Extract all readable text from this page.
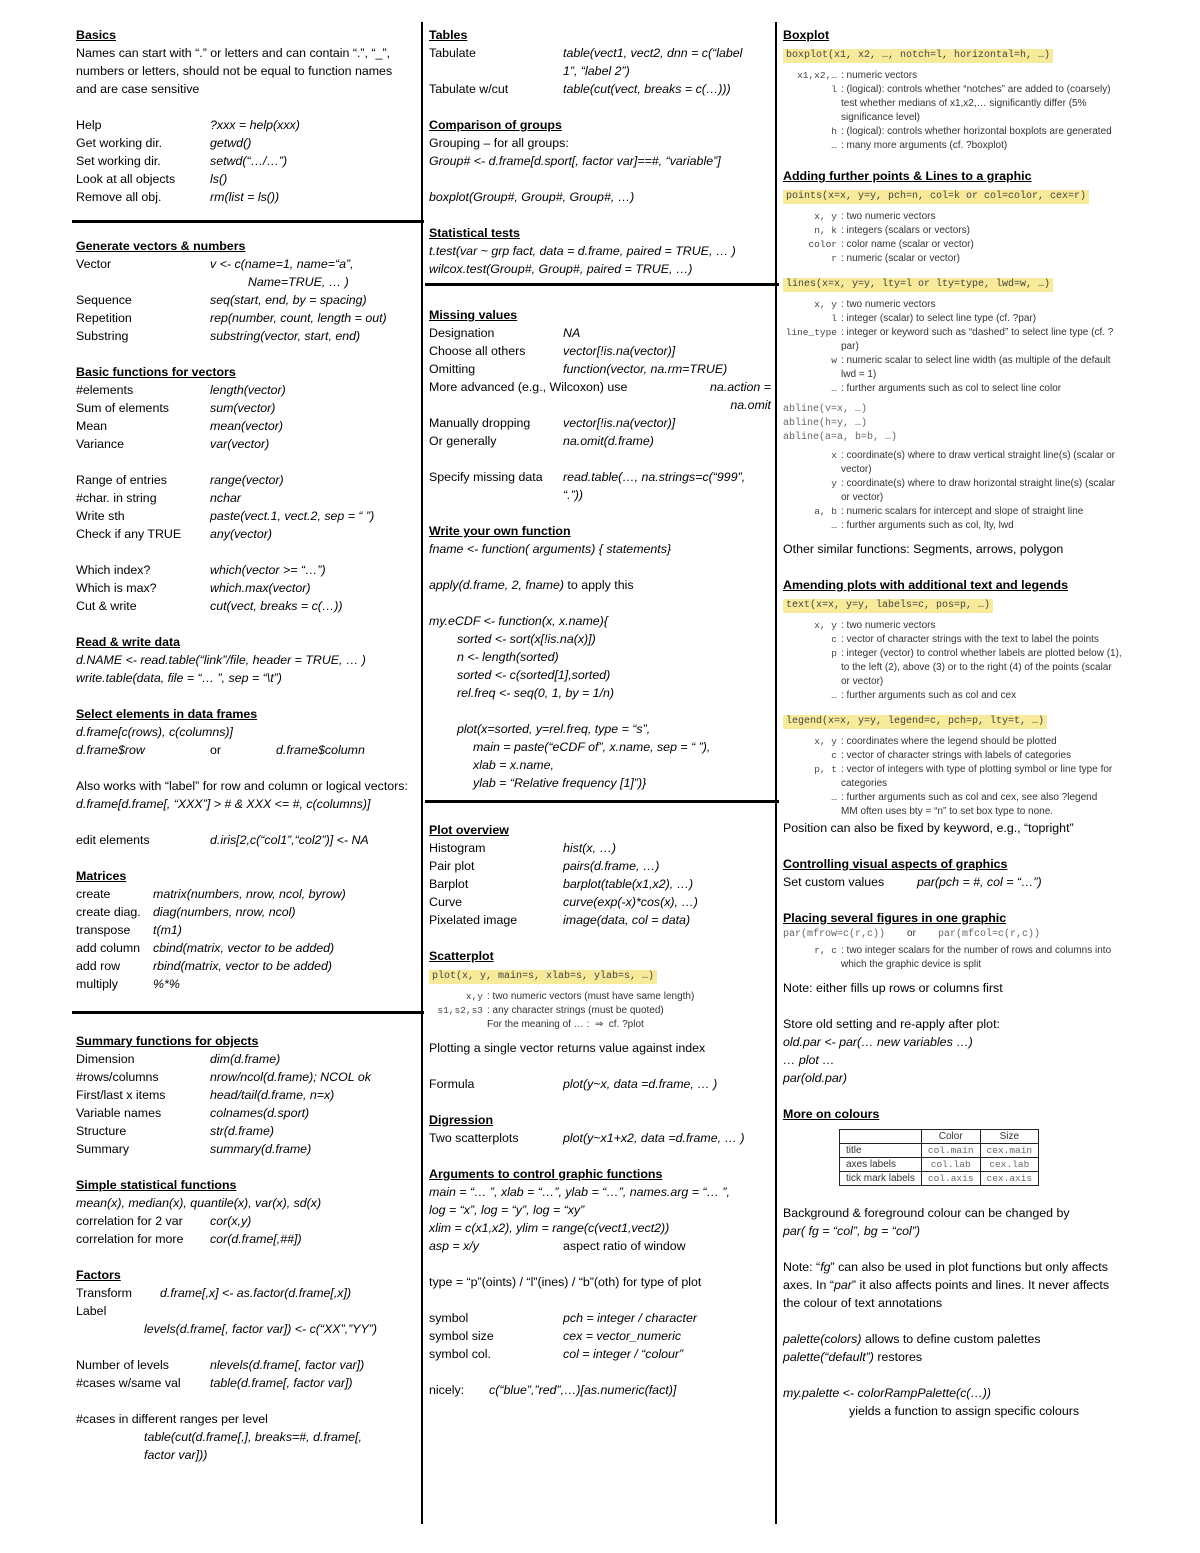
Basics
Names can start with “.” or letters and can contain “.”, “_”, numbers or letters, should not be equal to function names and are case sensitive
Help	?xxx = help(xxx)
Get working dir.	getwd()
Set working dir.	setwd(“…/…”)
Look at all objects	ls()
Remove all obj.	rm(list = ls())
Generate vectors & numbers
Vector	v <- c(name=1, name=“a”,
Name=TRUE, … )
Sequence	seq(start, end, by = spacing)
Repetition	rep(number, count, length = out)
Substring	substring(vector, start, end)
Basic functions for vectors
#elements	length(vector)
Sum of elements	sum(vector)
Mean	mean(vector)
Variance	var(vector)
Range of entries	range(vector)
#char. in string	nchar
Write sth	paste(vect.1, vect.2, sep = “ ”)
Check if any TRUE	any(vector)
Which index?	which(vector >= “…”)
Which is max?	which.max(vector)
Cut & write	cut(vect, breaks = c(…))
Read & write data
d.NAME <- read.table(“link”/file, header = TRUE, … )
write.table(data, file = “… ”, sep = “\t”)
Select elements in data frames
d.frame[c(rows), c(columns)]
d.frame$row	or	d.frame$column
Also works with “label” for row and column or logical vectors:
d.frame[d.frame[, “XXX”] > # & XXX <= #, c(columns)]
edit elements	d.iris[2,c(“col1”,“col2”)] <- NA
Matrices
create	matrix(numbers, nrow, ncol, byrow)
create diag. diag(numbers, nrow, ncol)
transpose	t(m1)
add column	cbind(matrix, vector to be added)
add row	rbind(matrix, vector to be added)
multiply	%*%
Summary functions for objects
Dimension	dim(d.frame)
#rows/columns	nrow/ncol(d.frame); NCOL ok
First/last x items	head/tail(d.frame, n=x)
Variable names	colnames(d.sport)
Structure	str(d.frame)
Summary	summary(d.frame)
Simple statistical functions
mean(x), median(x), quantile(x), var(x), sd(x)
correlation for 2 var	cor(x,y)
correlation for more	cor(d.frame[,##])
Factors
Transform	d.frame[,x] <- as.factor(d.frame[,x])
Label
levels(d.frame[, factor var]) <- c(“XX”,”YY”)
Number of levels	nlevels(d.frame[, factor var])
#cases w/same val	table(d.frame[, factor var])
#cases in different ranges per level
table(cut(d.frame[,], breaks=#, d.frame[,
factor var]))
Tables
Tabulate	table(vect1, vect2, dnn = c(“label
1”, “label 2”)
Tabulate w/cut	table(cut(vect, breaks = c(…)))
Comparison of groups
Grouping – for all groups:
Group# <- d.frame[d.sport[, factor var]==#, “variable”]
boxplot(Group#, Group#, Group#, …)
Statistical tests
t.test(var ~ grp fact, data = d.frame, paired = TRUE, … )
wilcox.test(Group#, Group#, paired = TRUE, …)
Missing values
Designation	NA
Choose all others	vector[!is.na(vector)]
Omitting	function(vector, na.rm=TRUE)
More advanced (e.g., Wilcoxon) use	na.action =
na.omit
Manually dropping	vector[!is.na(vector)]
Or generally	na.omit(d.frame)
Specify missing data	read.table(…, na.strings=c(“999”,
“.”))
Write your own function
fname <- function( arguments) { statements}
apply(d.frame, 2, fname) to apply this
my.eCDF <- function(x, x.name){
sorted <- sort(x[!is.na(x)])
n <- length(sorted)
sorted <- c(sorted[1],sorted)
rel.freq <- seq(0, 1, by = 1/n)
plot(x=sorted, y=rel.freq, type = “s”,
main = paste(“eCDF of”, x.name, sep = “ ”),
xlab = x.name,
ylab = “Relative frequency [1]”)}
Plot overview
Histogram	hist(x, …)
Pair plot	pairs(d.frame, …)
Barplot	barplot(table(x1,x2), …)
Curve	curve(exp(-x)*cos(x), …)
Pixelated image	image(data, col = data)
Scatterplot
plot(x, y, main=s, xlab=s, ylab=s, …)
x,y : two numeric vectors (must have same length)
s1,s2,s3 : any character strings (must be quoted)
For the meaning of … :  ⇒  cf. ?plot
Plotting a single vector returns value against index
Formula	plot(y~x, data =d.frame, … )
Digression
Two scatterplots	plot(y~x1+x2, data =d.frame, … )
Arguments to control graphic functions
main = “… ”, xlab = “…”, ylab = “…”, names.arg = “… ”,
log = “x”, log = “y”, log = “xy”
xlim = c(x1,x2), ylim = range(c(vect1,vect2))
asp = x/y	aspect ratio of window
type = “p”(oints) / “l”(ines) / “b”(oth) for type of plot
symbol	pch = integer / character
symbol size	cex = vector_numeric
symbol col.	col = integer / “colour”
nicely:	c(“blue”,”red”,…)[as.numeric(fact)]
Boxplot
boxplot(x1, x2, …, notch=l, horizontal=h, …)
x1,x2,… : numeric vectors
l : (logical): controls whether “notches” are added to (coarsely) test whether medians of x1,x2,… significantly differ (5% significance level)
h : (logical): controls whether horizontal boxplots are generated
… : many more arguments (cf. ?boxplot)
Adding further points & Lines to a graphic
points(x=x, y=y, pch=n, col=k or col=color, cex=r)
x, y : two numeric vectors
n, k : integers (scalars or vectors)
color : color name (scalar or vector)
r : numeric (scalar or vector)
lines(x=x, y=y, lty=l or lty=type, lwd=w, …)
x, y : two numeric vectors
l : integer (scalar) to select line type (cf. ?par)
line_type : integer or keyword such as “dashed” to select line type (cf. ?par)
w : numeric scalar to select line width (as multiple of the default lwd = 1)
… : further arguments such as col to select line color
abline(v=x, …)
abline(h=y, …)
abline(a=a, b=b, …)
x : coordinate(s) where to draw vertical straight line(s) (scalar or vector)
y : coordinate(s) where to draw horizontal straight line(s) (scalar or vector)
a, b : numeric scalars for intercept and slope of straight line
… : further arguments such as col, lty, lwd
Other similar functions: Segments, arrows, polygon
Amending plots with additional text and legends
text(x=x, y=y, labels=c, pos=p, …)
x, y : two numeric vectors
c : vector of character strings with the text to label the points
p : integer (vector) to control whether labels are plotted below (1), to the left (2), above (3) or to the right (4) of the points (scalar or vector)
… : further arguments such as col and cex
legend(x=x, y=y, legend=c, pch=p, lty=t, …)
x, y : coordinates where the legend should be plotted
c : vector of character strings with labels of categories
p, t : vector of integers with type of plotting symbol or line type for categories
… : further arguments such as col and cex, see also ?legend
MM often uses bty = “n” to set box type to none.
Position can also be fixed by keyword, e.g., “topright”
Controlling visual aspects of graphics
Set custom values	par(pch = #, col = “…”)
Placing several figures in one graphic
par(mfrow=c(r,c)) or par(mfcol=c(r,c))
r, c : two integer scalars for the number of rows and columns into which the graphic device is split
Note: either fills up rows or columns first
Store old setting and re-apply after plot:
old.par <- par(… new variables …)
… plot …
par(old.par)
More on colours
	Color	Size
title	col.main	cex.main
axes labels	col.lab	cex.lab
tick mark labels	col.axis	cex.axis
Background & foreground colour can be changed by
par( fg = “col”, bg = “col”)
Note: “fg” can also be used in plot functions but only affects axes. In “par” it also affects points and lines. It never affects the colour of text annotations
palette(colors) allows to define custom palettes
palette(“default”) restores
my.palette <- colorRampPalette(c(…))
yields a function to assign specific colours
